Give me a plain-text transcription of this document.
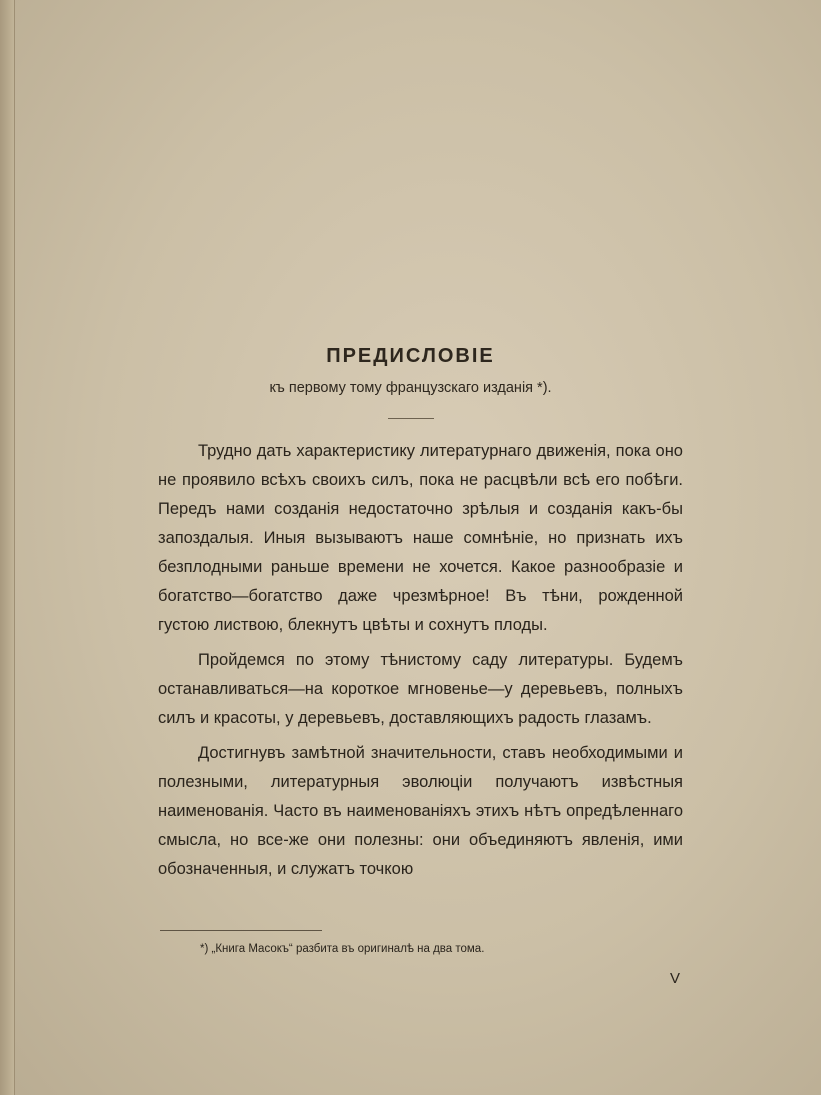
ПРЕДИСЛОВІЕ

къ первому тому французскаго изданія *).

Трудно дать характеристику литературнаго движенія, пока оно не проявило всѣхъ своихъ силъ, пока не расцвѣли всѣ его побѣги. Передъ нами созданія недостаточно зрѣлыя и созданія какъ-бы запоздалыя. Иныя вызываютъ наше сомнѣніе, но признать ихъ безплодными раньше времени не хочется. Какое разнообразіе и богатство—богатство даже чрезмѣрное! Въ тѣни, рожденной густою листвою, блекнутъ цвѣты и сохнутъ плоды.

Пройдемся по этому тѣнистому саду литературы. Будемъ останавливаться—на короткое мгновенье—у деревьевъ, полныхъ силъ и красоты, у деревьевъ, доставляющихъ радость глазамъ.

Достигнувъ замѣтной значительности, ставъ необходимыми и полезными, литературныя эволюціи получаютъ извѣстныя наименованія. Часто въ наименованіяхъ этихъ нѣтъ опредѣленнаго смысла, но все-же они полезны: они объединяютъ явленія, ими обозначенныя, и служатъ точкою

*) „Книга Масокъ“ разбита въ оригиналѣ на два тома.
V
